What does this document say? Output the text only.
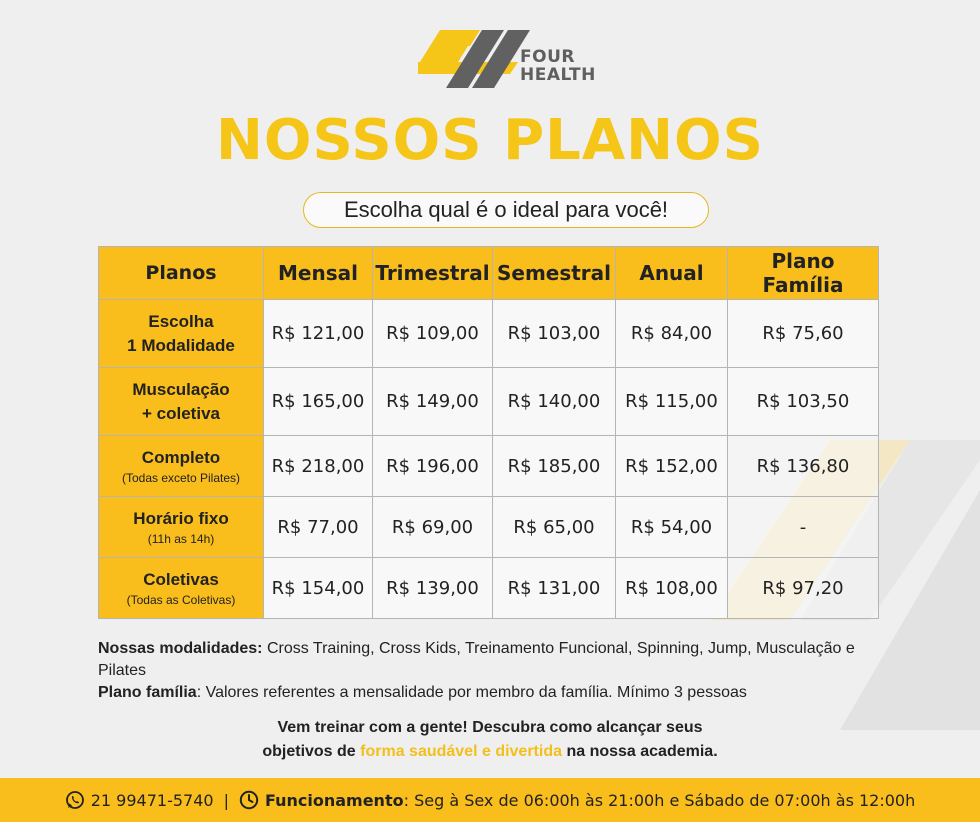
FOUR
HEALTH
NOSSOS PLANOS
Escolha qual é o ideal para você!
Planos	Mensal	Trimestral	Semestral	Anual	Plano Família
Escolha
1 Modalidade	R$ 121,00	R$ 109,00	R$ 103,00	R$ 84,00	R$ 75,60
Musculação
+ coletiva	R$ 165,00	R$ 149,00	R$ 140,00	R$ 115,00	R$ 103,50
Completo
(Todas exceto Pilates)	R$ 218,00	R$ 196,00	R$ 185,00	R$ 152,00	R$ 136,80
Horário fixo
(11h as 14h)	R$ 77,00	R$ 69,00	R$ 65,00	R$ 54,00	-
Coletivas
(Todas as Coletivas)	R$ 154,00	R$ 139,00	R$ 131,00	R$ 108,00	R$ 97,20
Nossas modalidades: Cross Training, Cross Kids, Treinamento Funcional, Spinning, Jump, Musculação e Pilates
Plano família: Valores referentes a mensalidade por membro da família. Mínimo 3 pessoas
Vem treinar com a gente! Descubra como alcançar seus
objetivos de forma saudável e divertida na nossa academia.
21 99471-5740 | Funcionamento : Seg à Sex de 06:00h às 21:00h e Sábado de 07:00h às 12:00h
